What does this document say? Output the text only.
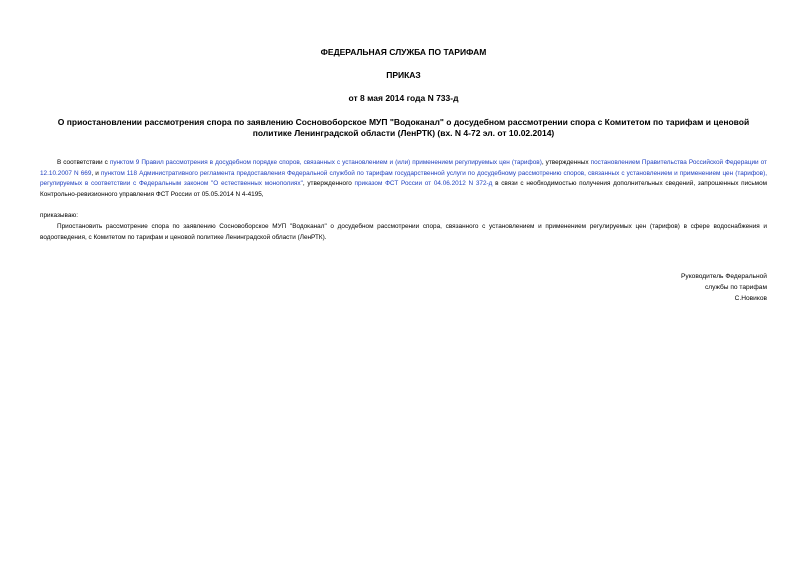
ФЕДЕРАЛЬНАЯ СЛУЖБА ПО ТАРИФАМ

ПРИКАЗ

от 8 мая 2014 года N 733-д

О приостановлении рассмотрения спора по заявлению Сосновоборское МУП "Водоканал" о досудебном рассмотрении спора с Комитетом по тарифам и ценовой политике Ленинградской области (ЛенРТК) (вх. N 4-72 эл. от 10.02.2014)

В соответствии с пунктом 9 Правил рассмотрения в досудебном порядке споров, связанных с установлением и (или) применением регулируемых цен (тарифов), утвержденных постановлением Правительства Российской Федерации от 12.10.2007 N 669, и пунктом 118 Административного регламента предоставления Федеральной службой по тарифам государственной услуги по досудебному рассмотрению споров, связанных с установлением и применением цен (тарифов), регулируемых в соответствии с Федеральным законом "О естественных монополиях", утвержденного приказом ФСТ России от 04.06.2012 N 372-д в связи с необходимостью получения дополнительных сведений, запрошенных письмом Контрольно-ревизионного управления ФСТ России от 05.05.2014 N 4-4195,

приказываю:

Приостановить рассмотрение спора по заявлению Сосновоборское МУП "Водоканал" о досудебном рассмотрении спора, связанного с установлением и применением регулируемых цен (тарифов) в сфере водоснабжения и водоотведения, с Комитетом по тарифам и ценовой политике Ленинградской области (ЛенРТК).

Руководитель Федеральной
службы по тарифам
С.Новиков
